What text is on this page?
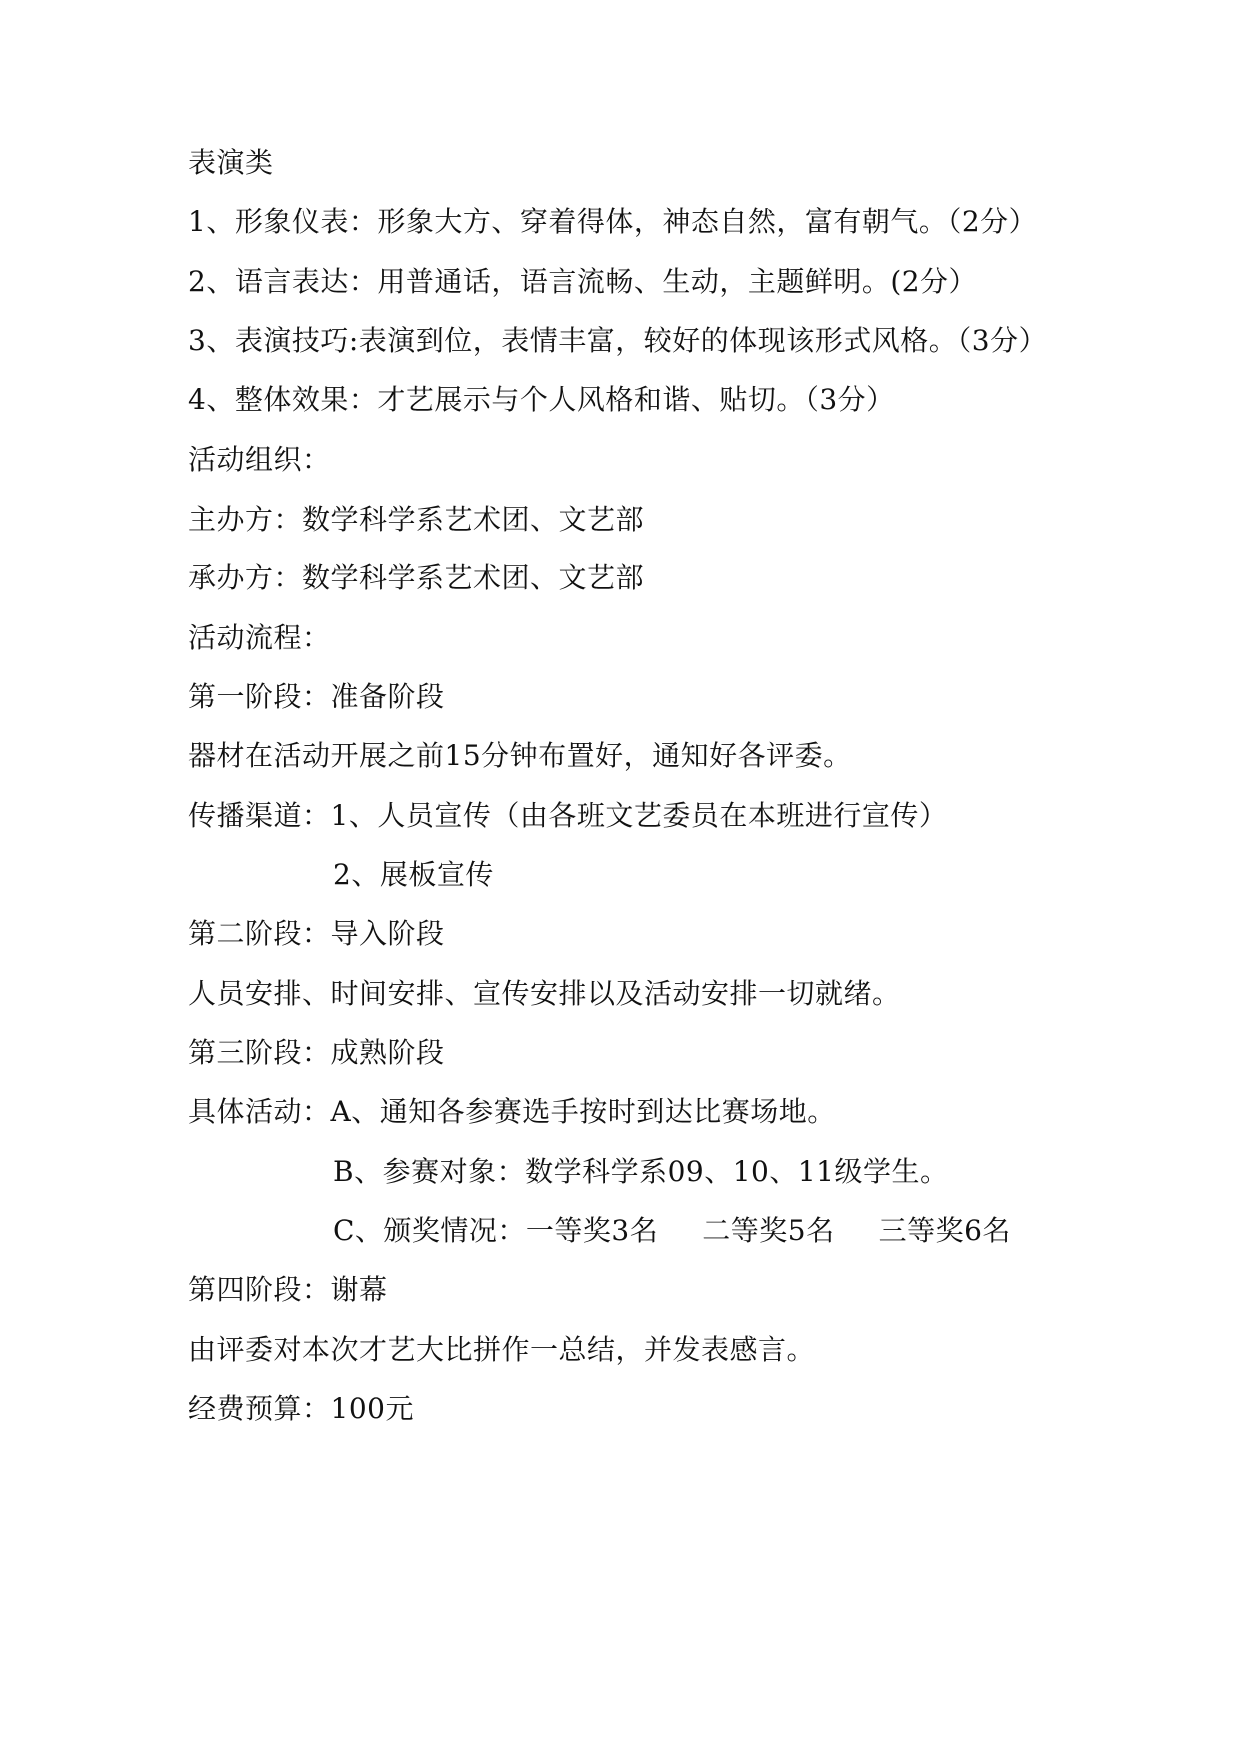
表演类
1、形象仪表：形象大方、穿着得体，神态自然，富有朝气。（2分）
2、语言表达：用普通话，语言流畅、生动，主题鲜明。(2分）
3、表演技巧:表演到位，表情丰富，较好的体现该形式风格。（3分）
4、整体效果：才艺展示与个人风格和谐、贴切。（3分）
活动组织：
主办方：数学科学系艺术团、文艺部
承办方：数学科学系艺术团、文艺部
活动流程：
第一阶段：准备阶段
器材在活动开展之前15分钟布置好，通知好各评委。
传播渠道：1、人员宣传（由各班文艺委员在本班进行宣传）
2、展板宣传
第二阶段：导入阶段
人员安排、时间安排、宣传安排以及活动安排一切就绪。
第三阶段：成熟阶段
具体活动：A、通知各参赛选手按时到达比赛场地。
B、参赛对象：数学科学系09、10、11级学生。
C、颁奖情况：一等奖3名 二等奖5名 三等奖6名
第四阶段：谢幕
由评委对本次才艺大比拼作一总结，并发表感言。
经费预算：100元
